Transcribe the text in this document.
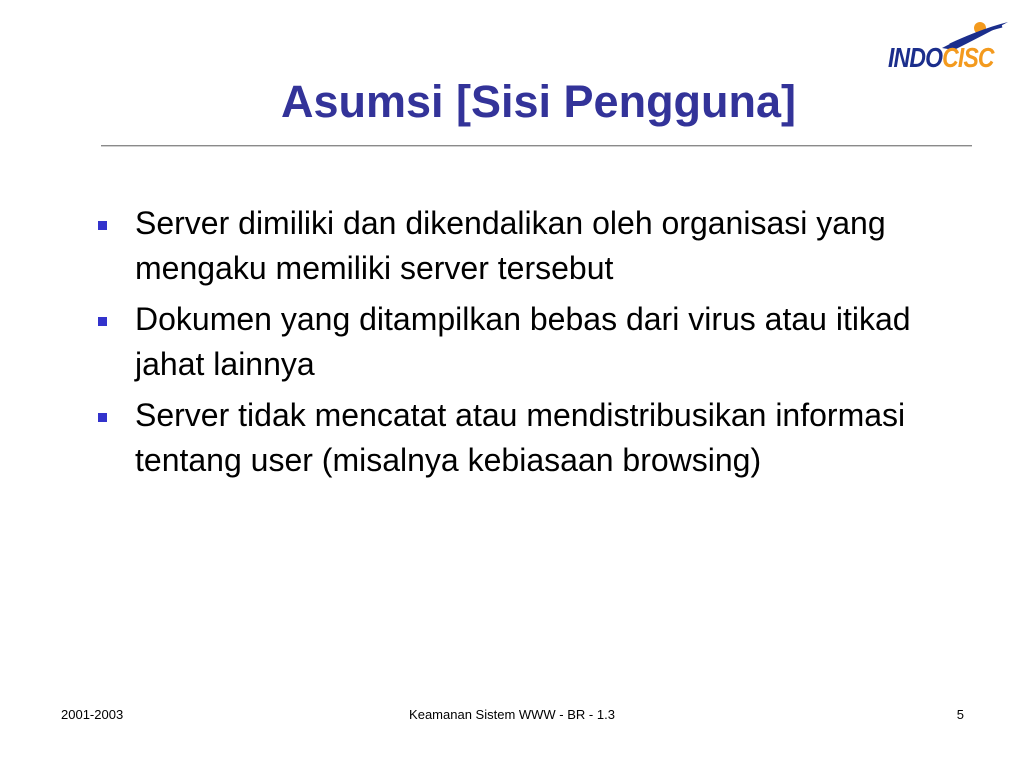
INDOCISC
Asumsi [Sisi Pengguna]
Server dimiliki dan dikendalikan oleh organisasi yang mengaku memiliki server tersebut
Dokumen yang ditampilkan bebas dari virus atau itikad jahat lainnya
Server tidak mencatat atau mendistribusikan informasi tentang user (misalnya kebiasaan browsing)
2001-2003	Keamanan Sistem WWW - BR - 1.3	5
